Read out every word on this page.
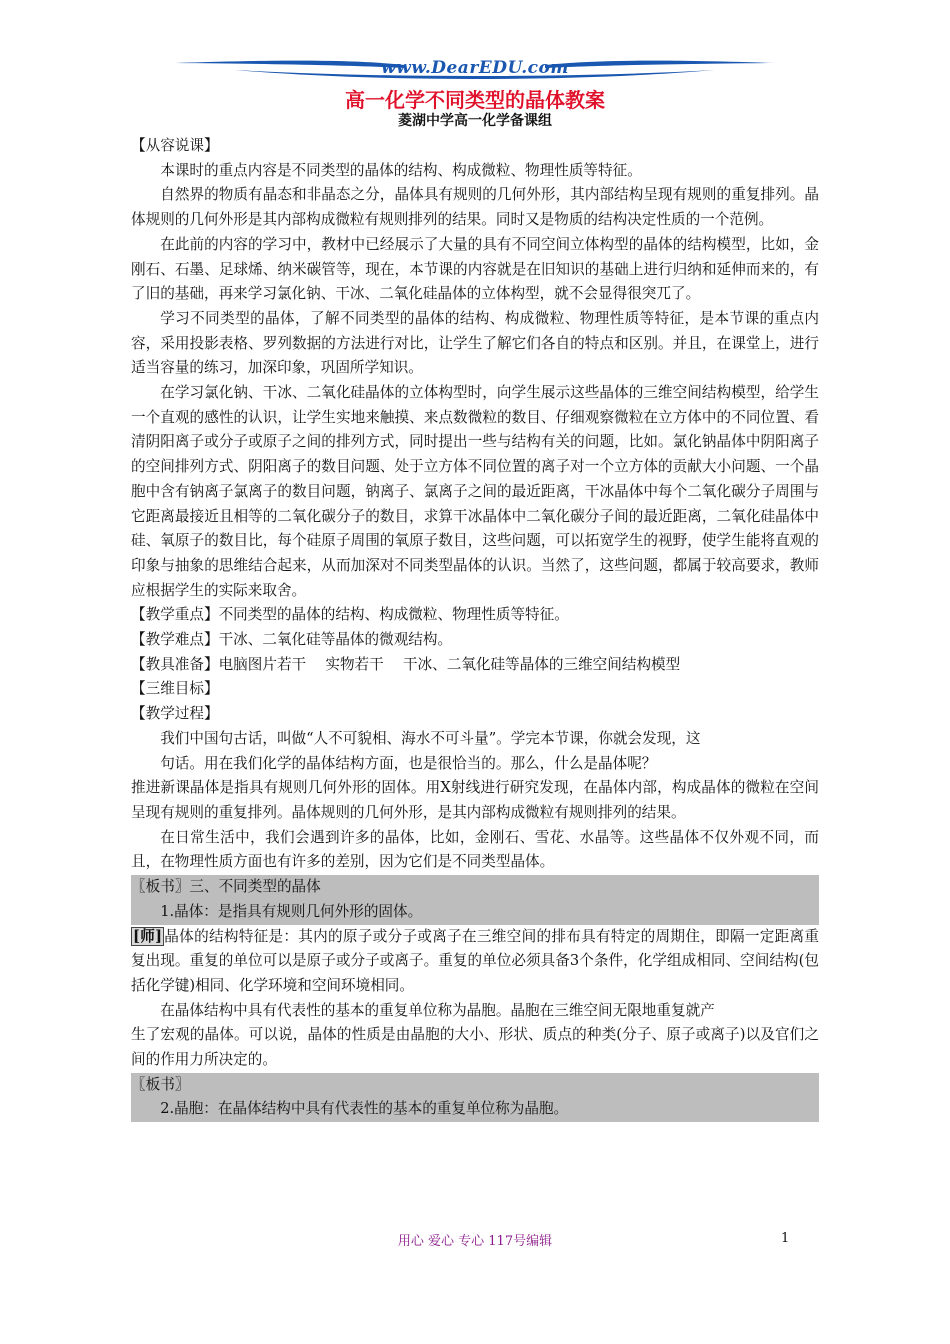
www.DearEDU.com
高一化学不同类型的晶体教案
菱湖中学高一化学备课组

【从容说课】

本课时的重点内容是不同类型的晶体的结构、构成微粒、物理性质等特征。

自然界的物质有晶态和非晶态之分，晶体具有规则的几何外形，其内部结构呈现有规则的重复排列。晶体规则的几何外形是其内部构成微粒有规则排列的结果。同时又是物质的结构决定性质的一个范例。

在此前的内容的学习中，教材中已经展示了大量的具有不同空间立体构型的晶体的结构模型，比如，金刚石、石墨、足球烯、纳米碳管等，现在，本节课的内容就是在旧知识的基础上进行归纳和延伸而来的，有了旧的基础，再来学习氯化钠、干冰、二氧化硅晶体的立体构型，就不会显得很突兀了。

学习不同类型的晶体，了解不同类型的晶体的结构、构成微粒、物理性质等特征，是本节课的重点内容，采用投影表格、罗列数据的方法进行对比，让学生了解它们各自的特点和区别。并且，在课堂上，进行适当容量的练习，加深印象，巩固所学知识。

在学习氯化钠、干冰、二氧化硅晶体的立体构型时，向学生展示这些晶体的三维空间结构模型，给学生一个直观的感性的认识，让学生实地来触摸、来点数微粒的数目、仔细观察微粒在立方体中的不同位置、看清阴阳离子或分子或原子之间的排列方式，同时提出一些与结构有关的问题，比如。氯化钠晶体中阴阳离子的空间排列方式、阴阳离子的数目问题、处于立方体不同位置的离子对一个立方体的贡献大小问题、一个晶胞中含有钠离子氯离子的数目问题，钠离子、氯离子之间的最近距离，干冰晶体中每个二氧化碳分子周围与它距离最接近且相等的二氧化碳分子的数目，求算干冰晶体中二氧化碳分子间的最近距离，二氧化硅晶体中硅、氧原子的数目比，每个硅原子周围的氧原子数目，这些问题，可以拓宽学生的视野，使学生能将直观的印象与抽象的思维结合起来，从而加深对不同类型晶体的认识。当然了，这些问题，都属于较高要求，教师应根据学生的实际来取舍。

【教学重点】不同类型的晶体的结构、构成微粒、物理性质等特征。

【教学难点】干冰、二氧化硅等晶体的微观结构。

【教具准备】电脑图片若干　 实物若干　 干冰、二氧化硅等晶体的三维空间结构模型

【三维目标】

【教学过程】

我们中国句古话，叫做“人不可貌相、海水不可斗量”。学完本节课，你就会发现，这

句话。用在我们化学的晶体结构方面，也是很恰当的。那么，什么是晶体呢？

推进新课晶体是指具有规则几何外形的固体。用X射线进行研究发现，在晶体内部，构成晶体的微粒在空间呈现有规则的重复排列。晶体规则的几何外形，是其内部构成微粒有规则排列的结果。

在日常生活中，我们会遇到许多的晶体，比如，金刚石、雪花、水晶等。这些晶体不仅外观不同，而且，在物理性质方面也有许多的差别，因为它们是不同类型晶体。

〖板书〗三、不同类型的晶体

1.晶体：是指具有规则几何外形的固体。

[师] 晶体的结构特征是：其内的原子或分子或离子在三维空间的排布具有特定的周期住，即隔一定距离重复出现。重复的单位可以是原子或分子或离子。重复的单位必须具备3个条件，化学组成相同、空间结构(包括化学键)相同、化学环境和空间环境相同。

在晶体结构中具有代表性的基本的重复单位称为晶胞。晶胞在三维空间无限地重复就产

生了宏观的晶体。可以说，晶体的性质是由晶胞的大小、形状、质点的种类(分子、原子或离子)以及官们之间的作用力所决定的。

〖板书〗

2.晶胞：在晶体结构中具有代表性的基本的重复单位称为晶胞。

用心 爱心 专心 117号编辑	1
